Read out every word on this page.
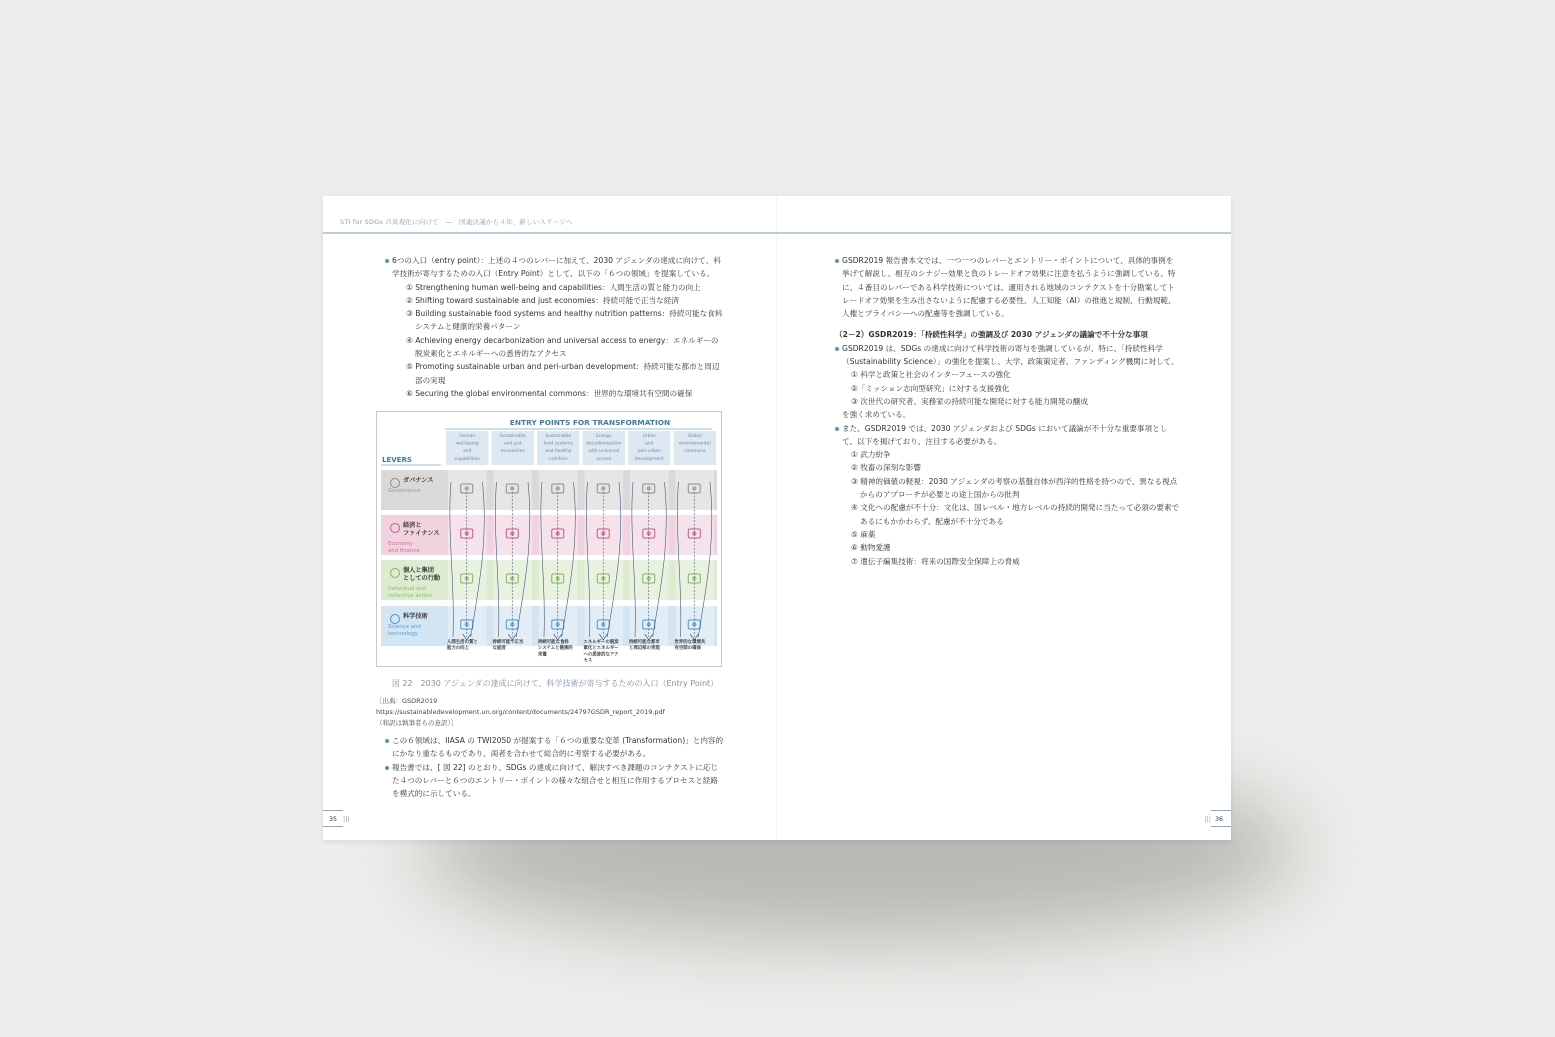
STI for SDGs の具現化に向けて　―　国連決議から４年、新しいステージへ
6つの入口（entry point）：上述の４つのレバーに加えて、2030 アジェンダの達成に向けて、科学技術が寄与するための入口（Entry Point）として、以下の「６つの領域」を提案している。
① Strengthening human well-being and capabilities：人間生活の質と能力の向上
② Shifting toward sustainable and just economies：持続可能で正当な経済
③ Building sustainable food systems and healthy nutrition patterns：持続可能な食料システムと健康的栄養パターン
④ Achieving energy decarbonization and universal access to energy：エネルギーの脱炭素化とエネルギーへの悉皆的なアクセス
⑤ Promoting sustainable urban and peri-urban development：持続可能な都市と周辺部の実現
⑥ Securing the global environmental commons：世界的な環境共有空間の確保
ENTRY POINTS FOR TRANSFORMATION
LEVERS
Human
well-being
and
capabilities
Sustainable
and just
economies
Sustainable
food systems
and healthy
nutrition
Energy
decarbonization
with universal
access
Urban
and
peri-urban
development
Global
environmental
commons
ガバナンス
Governance
経済と
ファイナンス
Economy
and finance
個人と集団
としての行動
Individual and
collective action
科学技術
Science and
technology
人間生活の質と
能力の向上
持続可能で正当
な経済
持続可能な食料
システムと健康的
栄養
エネルギーの脱炭
素化とエネルギー
への悉皆的なアク
セス
持続可能な都市
と周辺部の実現
世界的な環境共
有空間の確保
図 22　2030 アジェンダの達成に向けて、科学技術が寄与するための入口（Entry Point）
［出典：GSDR2019　https://sustainabledevelopment.un.org/content/documents/24797GSDR_report_2019.pdf
（和訳は執筆者らの意訳）］
この６領域は、IIASA の TWI2050 が提案する「６つの重要な変革 (Transformation)」と内容的にかなり重なるものであり、両者を合わせて総合的に考察する必要がある。
報告書では、[ 図 22] のとおり、SDGs の達成に向けて、解決すべき課題のコンテクストに応じた４つのレバーと６つのエントリー・ポイントの様々な組合せと相互に作用するプロセスと経路を模式的に示している。
GSDR2019 報告書本文では、一つ一つのレバーとエントリー・ポイントについて、具体的事例を挙げて解説し、相互のシナジー効果と負のトレードオフ効果に注意を払うように強調している。特に、４番目のレバーである科学技術については、適用される地域のコンテクストを十分勘案してトレードオフ効果を生み出さないように配慮する必要性、人工知能（AI）の推進と規制、行動規範、人権とプライバシーへの配慮等を強調している。
（2－2）GSDR2019：「持続性科学」の強調及び 2030 アジェンダの議論で不十分な事項
GSDR2019 は、SDGs の達成に向けて科学技術の寄与を強調しているが、特に、「持続性科学（Sustainability Science）」の強化を提案し、大学、政策策定者、ファンディング機関に対して、
① 科学と政策と社会のインターフェースの強化
②「ミッション志向型研究」に対する支援強化
③ 次世代の研究者、実務家の持続可能な開発に対する能力開発の醸成
を強く求めている。
また、GSDR2019 では、2030 アジェンダおよび SDGs において議論が不十分な重要事項として、以下を掲げており、注目する必要がある。
① 武力紛争
② 牧畜の深刻な影響
③ 精神的価値の軽視：2030 アジェンダの考察の基盤自体が西洋的性格を持つので、異なる視点からのアプローチが必要との途上国からの批判
④ 文化への配慮が不十分：文化は、国レベル・地方レベルの持続的開発に当たって必須の要素であるにもかかわらず、配慮が不十分である
⑤ 麻薬
⑥ 動物愛護
⑦ 遺伝子編集技術：将来の国際安全保障上の脅威
35 |||	||| 36
